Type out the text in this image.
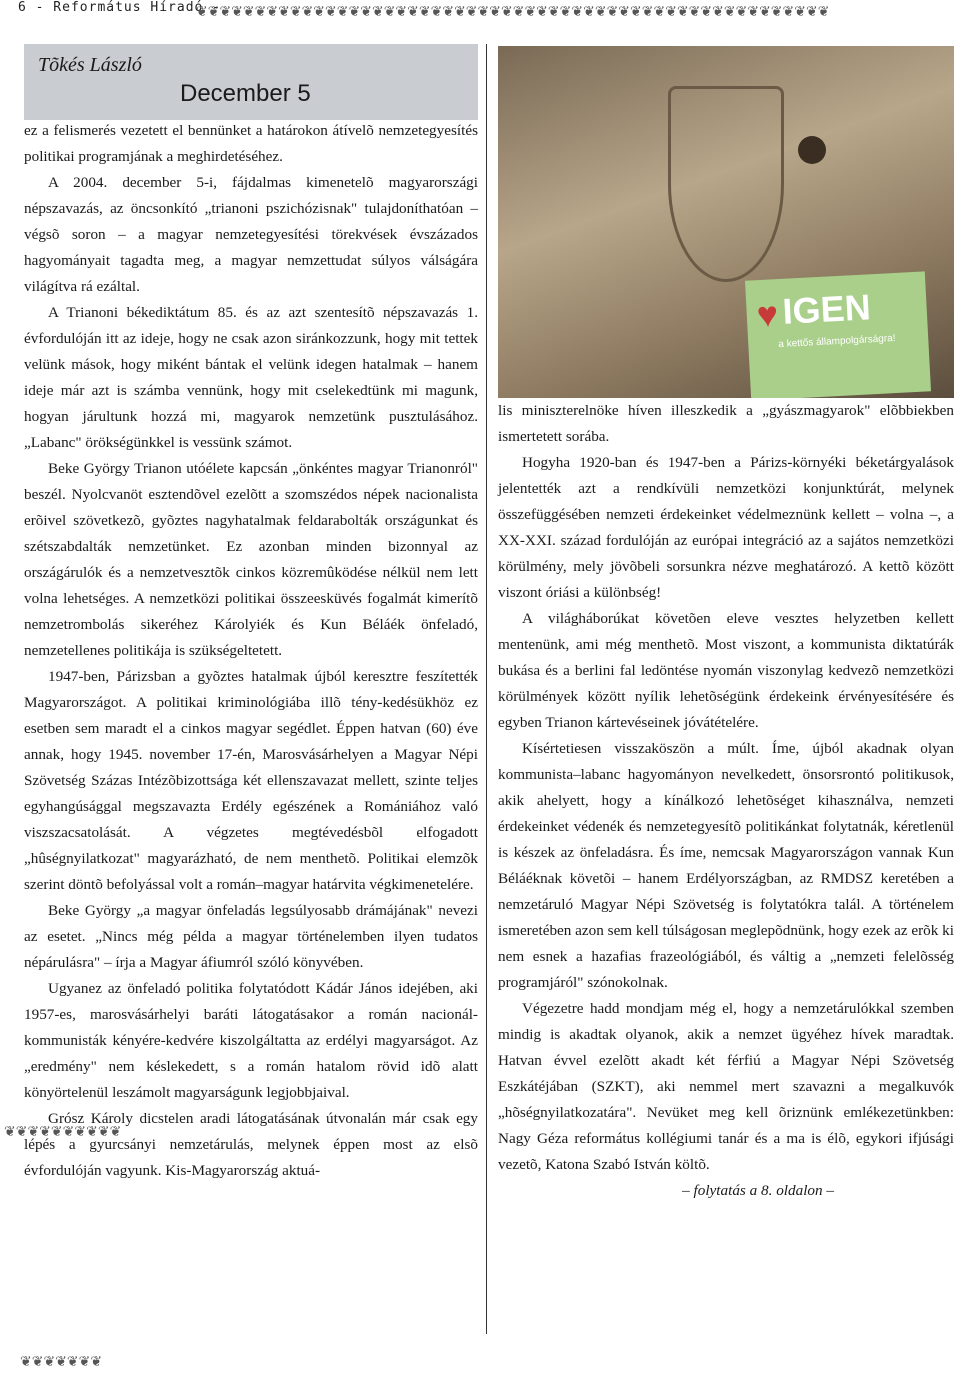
6 - Református Híradó -
❦❦❦❦❦❦❦❦❦❦❦❦❦❦❦❦❦❦❦❦❦❦❦❦❦❦❦❦❦❦❦❦❦❦❦❦❦❦❦❦❦❦❦❦❦❦❦❦❦❦❦❦❦❦
Tõkés László
December 5
♥ IGEN
a kettős állampolgárságra!

ez a felismerés vezetett el bennünket a határokon átívelõ nemzetegyesítés politikai programjának a meghirdetéséhez.

A 2004. december 5-i, fájdalmas kimenetelõ magyarországi népszavazás, az öncsonkító „trianoni pszichózisnak" tulajdoníthatóan – végsõ soron – a magyar nemzetegyesítési törekvések évszázados hagyományait tagadta meg, a magyar nemzettudat súlyos válságára világítva rá ezáltal.

A Trianoni békediktátum 85. és az azt szentesítõ népszavazás 1. évfordulóján itt az ideje, hogy ne csak azon siránkozzunk, hogy mit tettek velünk mások, hogy miként bántak el velünk idegen hatalmak – hanem ideje már azt is számba vennünk, hogy mit cselekedtünk mi magunk, hogyan járultunk hozzá mi, magyarok nemzetünk pusztulásához. „Labanc" örökségünkkel is vessünk számot.

Beke György Trianon utóélete kapcsán „önkéntes magyar Trianonról" beszél. Nyolcvanöt esztendõvel ezelõtt a szomszédos népek nacionalista erõivel szövetkezõ, gyõztes nagyhatalmak feldarabolták országunkat és szétszabdalták nemzetünket. Ez azonban minden bizonnyal az országárulók és a nemzetvesztõk cinkos közremûködése nélkül nem lett volna lehetséges. A nemzetközi politikai összeesküvés fogalmát kimerítõ nemzetrombolás sikeréhez Károlyiék és Kun Béláék önfeladó, nemzetellenes politikája is szükségeltetett.

1947-ben, Párizsban a gyõztes hatalmak újból keresztre feszítették Magyarországot. A politikai kriminológiába illõ tény-kedésükhöz ez esetben sem maradt el a cinkos magyar segédlet. Éppen hatvan (60) éve annak, hogy 1945. november 17-én, Marosvásárhelyen a Magyar Népi Szövetség Százas Intézõbizottsága két ellenszavazat mellett, szinte teljes egyhangúsággal megszavazta Erdély egészének a Romániához való viszszacsatolását. A végzetes megtévedésbõl elfogadott „hûségnyilatkozat" magyarázható, de nem menthetõ. Politikai elemzõk szerint döntõ befolyással volt a román–magyar határvita végkimenetelére.

Beke György „a magyar önfeladás legsúlyosabb drámájának" nevezi az esetet. „Nincs még példa a magyar történelemben ilyen tudatos népárulásra" – írja a Magyar áfiumról szóló könyvében.

Ugyanez az önfeladó politika folytatódott Kádár János idejében, aki 1957-es, marosvásárhelyi baráti látogatásakor a román nacionál-kommunisták kényére-kedvére kiszolgáltatta az erdélyi magyarságot. Az „eredmény" nem késlekedett, s a román hatalom rövid idõ alatt könyörtelenül leszámolt magyarságunk legjobbjaival.

Grósz Károly dicstelen aradi látogatásának útvonalán már csak egy lépés a gyurcsányi nemzetárulás, melynek éppen most az elsõ évfordulóján vagyunk. Kis-Magyarország aktuá-

lis miniszterelnöke híven illeszkedik a „gyászmagyarok" elõbbiekben ismertetett sorába.

Hogyha 1920-ban és 1947-ben a Párizs-környéki béketárgyalások jelentették azt a rendkívüli nemzetközi konjunktúrát, melynek összefüggésében nemzeti érdekeinket védelmeznünk kellett – volna –, a XX-XXI. század fordulóján az európai integráció az a sajátos nemzetközi körülmény, mely jövõbeli sorsunkra nézve meghatározó. A kettõ között viszont óriási a különbség!

A világháborúkat követõen eleve vesztes helyzetben kellett mentenünk, ami még menthetõ. Most viszont, a kommunista diktatúrák bukása és a berlini fal ledöntése nyomán viszonylag kedvezõ nemzetközi körülmények között nyílik lehetõségünk érdekeink érvényesítésére és egyben Trianon kártevéseinek jóvátételére.

Kísértetiesen visszaköszön a múlt. Íme, újból akadnak olyan kommunista–labanc hagyományon nevelkedett, önsorsrontó politikusok, akik ahelyett, hogy a kínálkozó lehetõséget kihasználva, nemzeti érdekeinket védenék és nemzetegyesítõ politikánkat folytatnák, kéretlenül is készek az önfeladásra. És íme, nemcsak Magyarországon vannak Kun Béláéknak követõi – hanem Erdélyországban, az RMDSZ keretében a nemzetáruló Magyar Népi Szövetség is folytatókra talál. A történelem ismeretében azon sem kell túlságosan meglepõdnünk, hogy ezek az erõk ki nem esnek a hazafias frazeológiából, és váltig a „nemzeti felelõsség programjáról" szónokolnak.

Végezetre hadd mondjam még el, hogy a nemzetárulókkal szemben mindig is akadtak olyanok, akik a nemzet ügyéhez hívek maradtak. Hatvan évvel ezelõtt akadt két férfiú a Magyar Népi Szövetség Eszkátéjában (SZKT), aki nemmel mert szavazni a megalkuvók „hõségnyilatkozatára". Nevüket meg kell õriznünk emlékezetünkben: Nagy Géza református kollégiumi tanár és a ma is élõ, egykori ifjúsági vezetõ, Katona Szabó István költõ.

– folytatás a 8. oldalon –

❦❦❦❦❦❦❦❦❦❦
❦❦❦❦❦❦❦
